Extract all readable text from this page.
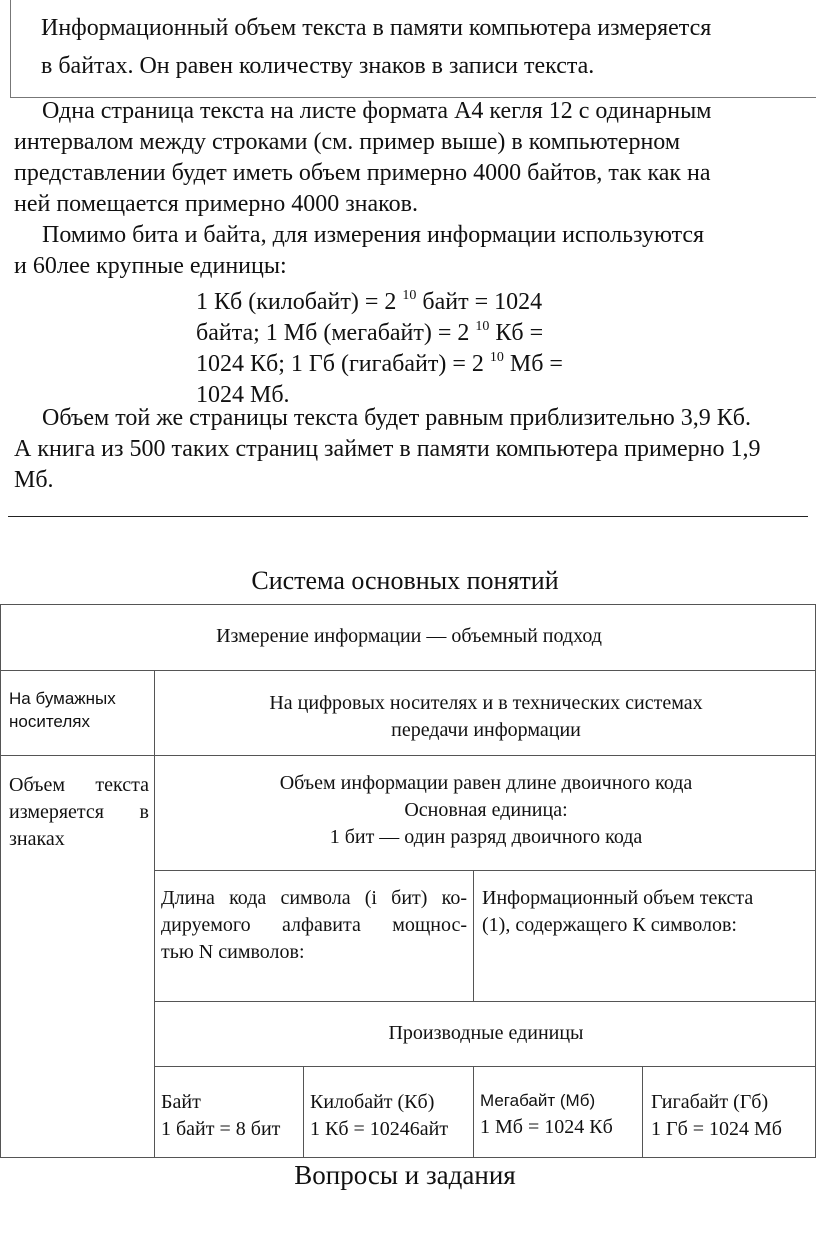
Информационный объем текста в памяти компьютера измеряется

в байтах. Он равен количеству знаков в записи текста.

Одна страница текста на листе формата А4 кегля 12 с одинарным
интервалом между строками (см. пример выше) в компьютерном
представлении будет иметь объем примерно 4000 байтов, так как на
ней помещается примерно 4000 знаков.
Помимо бита и байта, для измерения информации используются
и 60лее крупные единицы:
1 Кб (килобайт) = 2 $^{10}$ байт = 1024
байта; 1 Мб (мегабайт) = 2 $^{10}$ Кб =
1024 Кб; 1 Гб (гигабайт) = 2 $^{10}$ Мб =
1024 Мб.
Объем той же страницы текста будет равным приблизительно 3,9 Кб.
А книга из 500 таких страниц займет в памяти компьютера примерно 1,9
Мб.
Система основных понятий
Измерение информации — объемный подход
На бумажных
носителях
На цифровых носителях и в технических системах
передачи информации
Объем текста
измеряется в
знаках
Объем информации равен длине двоичного кода
Основная единица:
1 бит — один разряд двоичного кода
Длина кода символа (i бит) ко-
дируемого алфавита мощнос-
тью N символов:
Информационный объем текста
(1), содержащего К символов:
Производные единицы
Байт
1 байт = 8 бит
Килобайт (Кб)
1 Кб = 10246айт
Мегабайт (Мб)
1 Мб = 1024 Кб
Гигабайт (Гб)
1 Гб = 1024 Мб
Вопросы и задания
